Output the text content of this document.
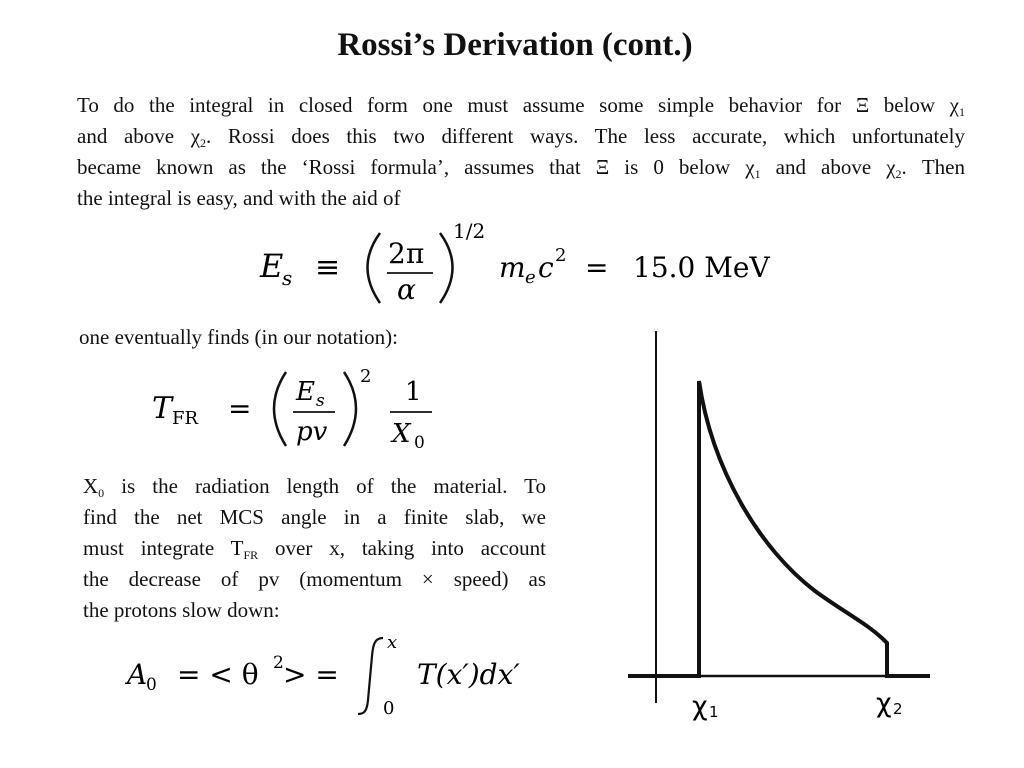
Rossi’s Derivation (cont.)
To do the integral in closed form one must assume some simple behavior for Ξ below $\chi_1$
and above $\chi_2$. Rossi does this two different ways. The less accurate, which unfortunately
became known as the ‘Rossi formula’, assumes that Ξ is 0 below $\chi_1$ and above $\chi_2$. Then
the integral is easy, and with the aid of
E
s ≡ 2π
α
1/2
m e c 2 = 15.0 MeV
one eventually finds (in our notation):
T FR = E s
pv
2
1
X 0
$X_0$ is the radiation length of the material. To
find the net MCS angle in a finite slab, we
must integrate $T_{FR}$ over x, taking into account
the decrease of pv (momentum × speed) as
the protons slow down:
A
0 = < θ 2 > =
x
0
T(x′)dx′
χ 1	χ 2
